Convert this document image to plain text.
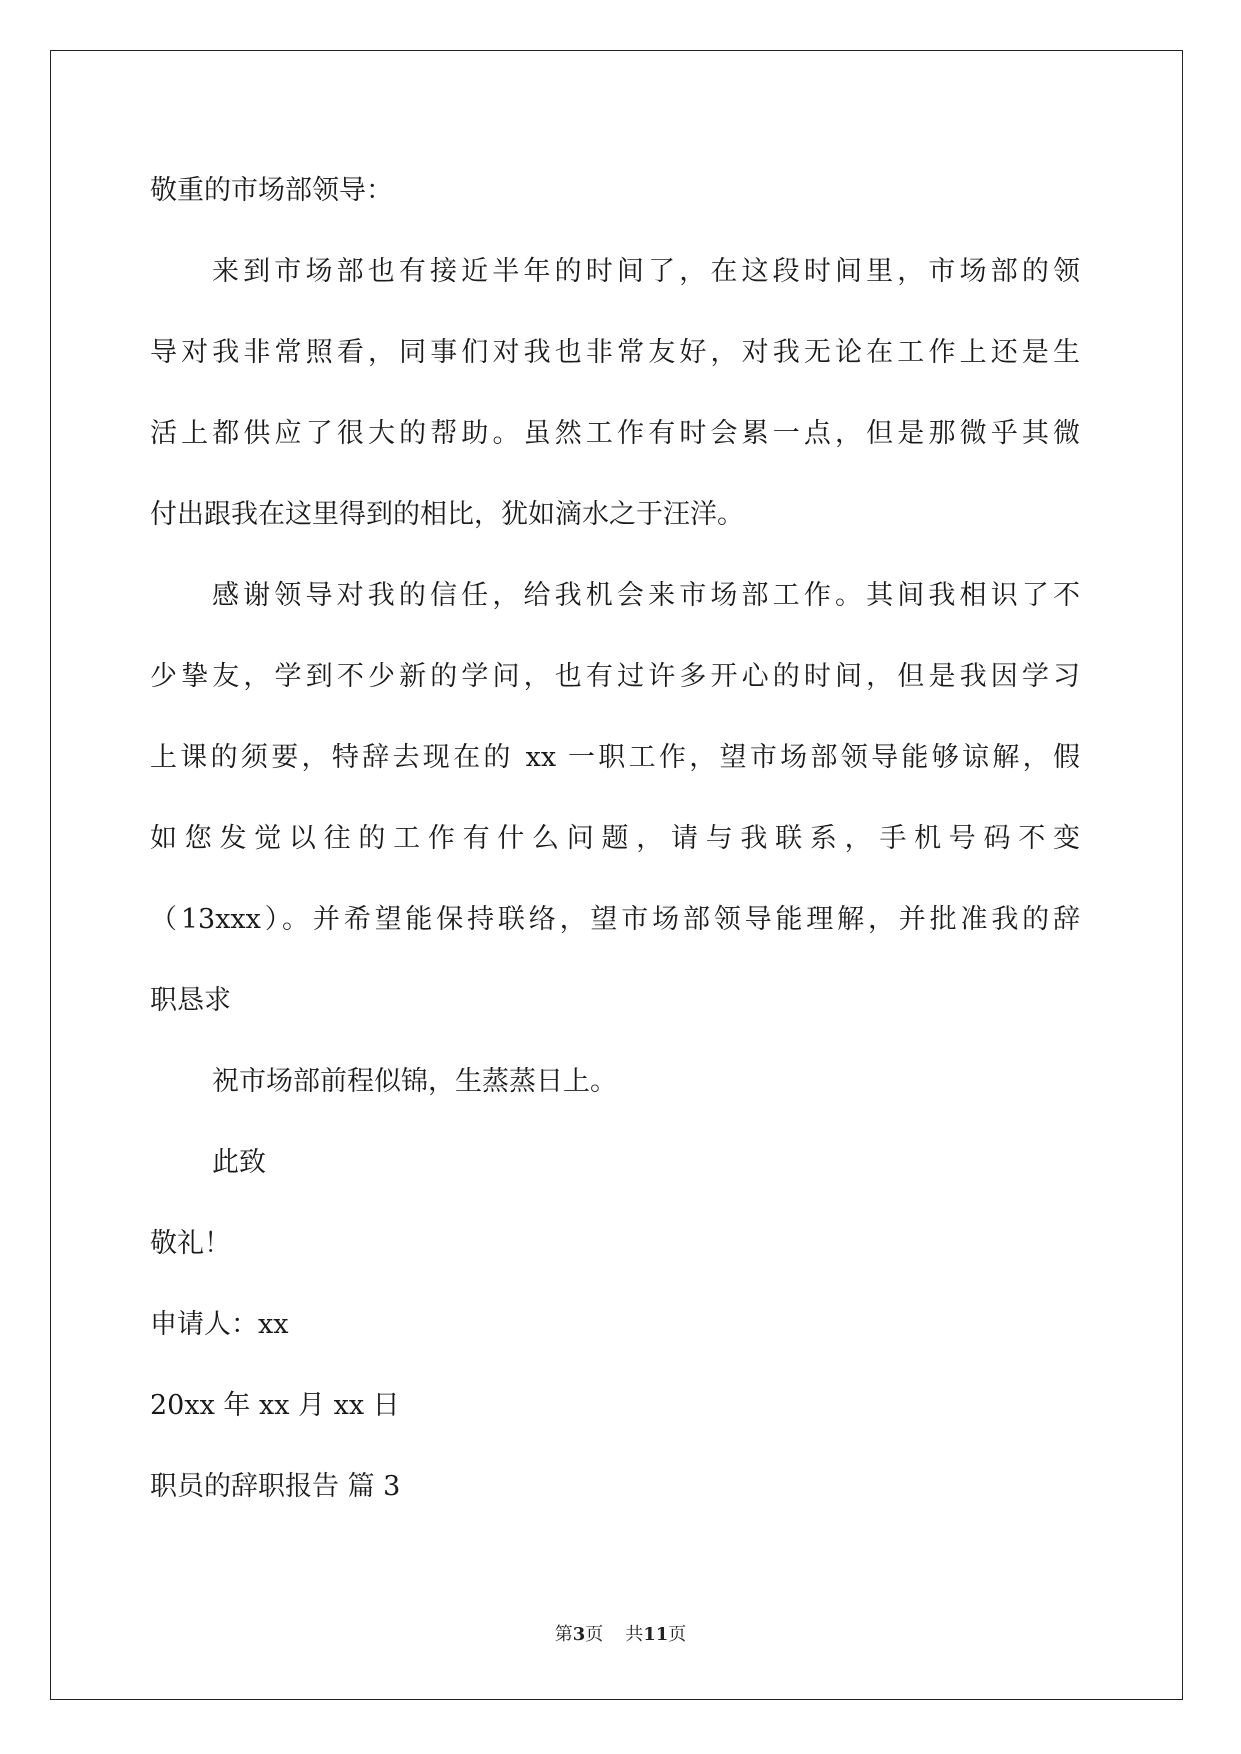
敬重的市场部领导：
来到市场部也有接近半年的时间了，在这段时间里，市场部的领
导对我非常照看，同事们对我也非常友好，对我无论在工作上还是生
活上都供应了很大的帮助。虽然工作有时会累一点，但是那微乎其微
付出跟我在这里得到的相比，犹如滴水之于汪洋。
感谢领导对我的信任，给我机会来市场部工作。其间我相识了不
少挚友，学到不少新的学问，也有过许多开心的时间，但是我因学习
上课的须要，特辞去现在的 xx 一职工作，望市场部领导能够谅解，假
如您发觉以往的工作有什么问题，请与我联系，手机号码不变
（13xxx）。并希望能保持联络，望市场部领导能理解，并批准我的辞
职恳求
祝市场部前程似锦，生蒸蒸日上。
此致
敬礼！
申请人：xx
20xx 年 xx 月 xx 日
职员的辞职报告 篇 3
第3页 共11页
